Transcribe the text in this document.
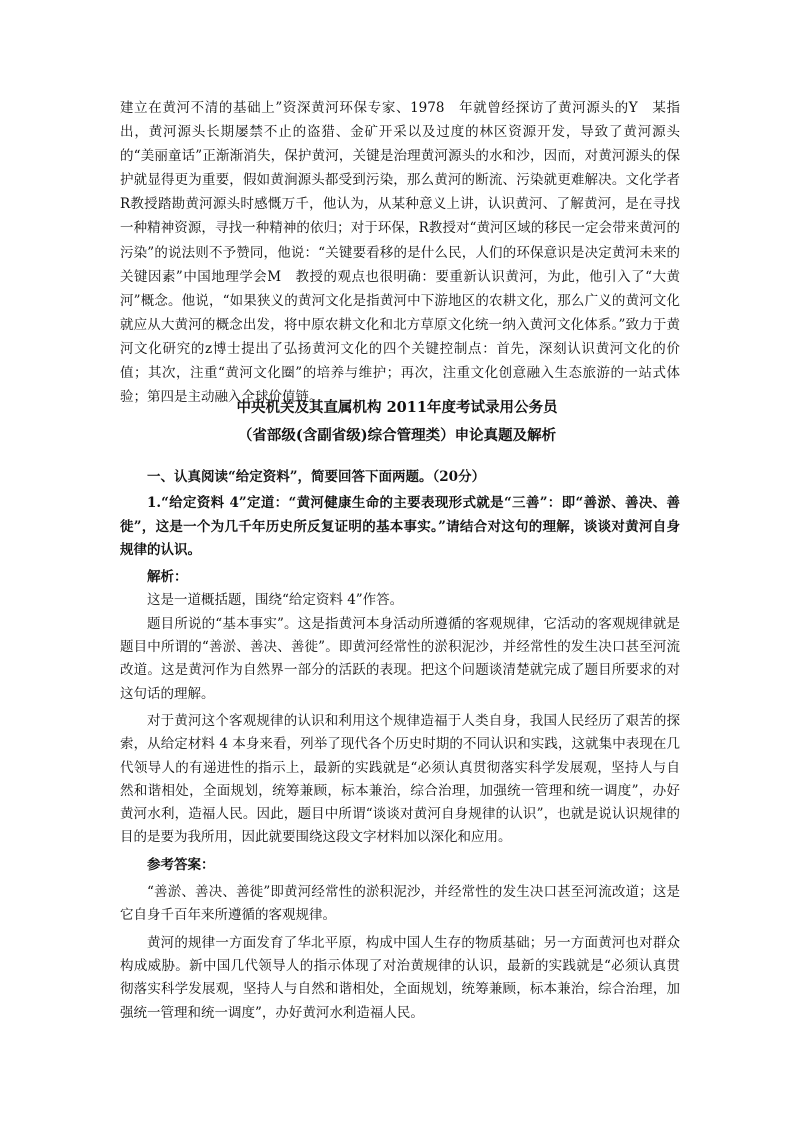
建立在黄河不清的基础上”资深黄河环保专家、1978　年就曾经探访了黄河源头的Y　某指出，黄河源头长期屡禁不止的盗猎、金矿开采以及过度的林区资源开发，导致了黄河源头的“美丽童话”正渐渐消失，保护黄河，关键是治理黄河源头的水和沙，因而，对黄河源头的保护就显得更为重要，假如黄涧源头都受到污染，那么黄河的断流、污染就更难解决。文化学者R教授踏勘黄河源头时感慨万千，他认为，从某种意义上讲，认识黄河、了解黄河，是在寻找一种精神资源，寻找一种精神的依归；对于环保，R教授对“黄河区域的移民一定会带来黄河的污染”的说法则不予赞同，他说：“关键要看移的是什么民，人们的环保意识是决定黄河未来的关键因素”中国地理学会M　教授的观点也很明确：要重新认识黄河，为此，他引入了“大黄河”概念。他说，“如果狭义的黄河文化是指黄河中下游地区的农耕文化，那么广义的黄河文化就应从大黄河的概念出发，将中原农耕文化和北方草原文化统一纳入黄河文化体系。”致力于黄河文化研究的z博士提出了弘扬黄河文化的四个关键控制点：首先，深刻认识黄河文化的价值；其次，注重“黄河文化圈”的培养与维护；再次，注重文化创意融入生态旅游的一站式体验；第四是主动融入全球价值链。

中央机关及其直属机构 2011年度考试录用公务员
（省部级(含副省级)综合管理类）申论真题及解析

一、认真阅读“给定资料”，简要回答下面两题。（20分）

1.“给定资料 4”定道：“黄河健康生命的主要表现形式就是“三善”：即“善淤、善决、善徙”，这是一个为几千年历史所反复证明的基本事实。”请结合对这句的理解，谈谈对黄河自身规律的认识。

解析：

这是一道概括题，围绕“给定资料 4”作答。

题目所说的“基本事实”。这是指黄河本身活动所遵循的客观规律，它活动的客观规律就是题目中所谓的“善淤、善决、善徙”。即黄河经常性的淤积泥沙，并经常性的发生决口甚至河流改道。这是黄河作为自然界一部分的活跃的表现。把这个问题谈清楚就完成了题目所要求的对这句话的理解。

对于黄河这个客观规律的认识和利用这个规律造福于人类自身，我国人民经历了艰苦的探索，从给定材料 4 本身来看，列举了现代各个历史时期的不同认识和实践，这就集中表现在几代领导人的有递进性的指示上，最新的实践就是“必须认真贯彻落实科学发展观，坚持人与自然和谐相处，全面规划，统筹兼顾，标本兼治，综合治理，加强统一管理和统一调度”，办好黄河水利，造福人民。因此，题目中所谓“谈谈对黄河自身规律的认识”，也就是说认识规律的目的是要为我所用，因此就要围绕这段文字材料加以深化和应用。

参考答案：

“善淤、善决、善徙”即黄河经常性的淤积泥沙，并经常性的发生决口甚至河流改道；这是它自身千百年来所遵循的客观规律。

黄河的规律一方面发育了华北平原，构成中国人生存的物质基础；另一方面黄河也对群众构成威胁。新中国几代领导人的指示体现了对治黄规律的认识，最新的实践就是“必须认真贯彻落实科学发展观，坚持人与自然和谐相处，全面规划，统筹兼顾，标本兼治，综合治理，加强统一管理和统一调度”，办好黄河水利造福人民。
